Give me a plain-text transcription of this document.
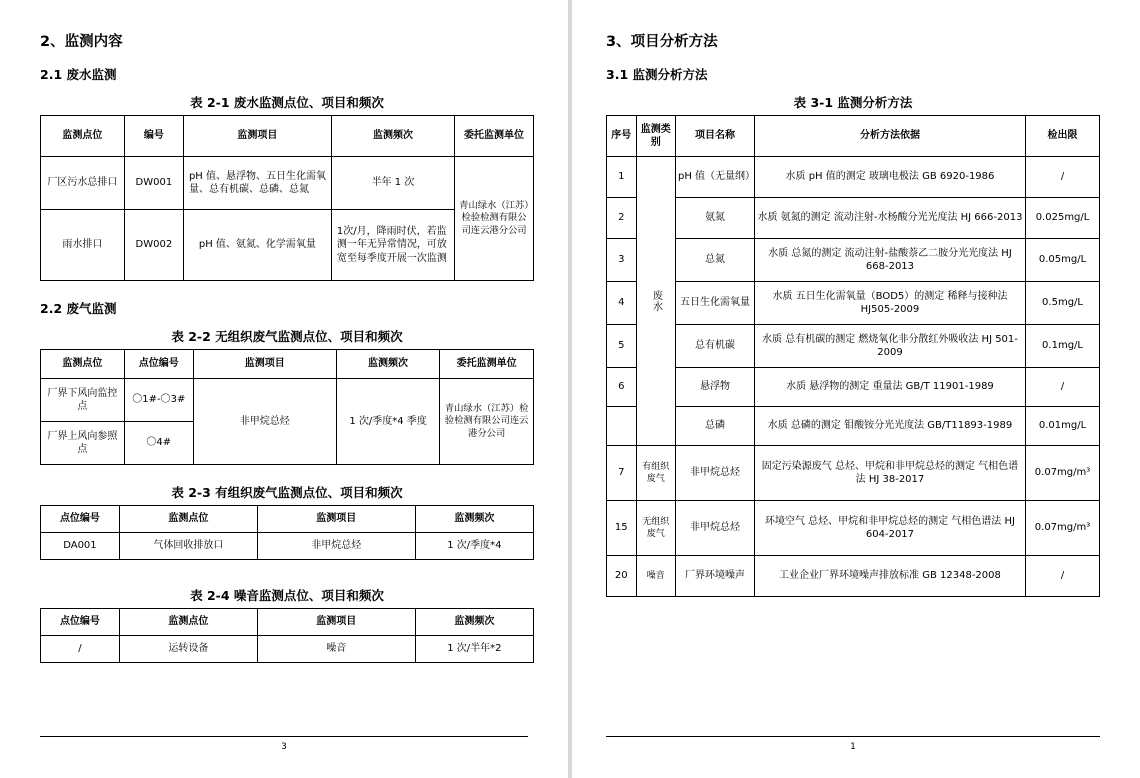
2、监测内容
2.1 废水监测
表 2-1 废水监测点位、项目和频次
监测点位	编号	监测项目	监测频次	委托监测单位
厂区污水总排口	DW001	pH 值、悬浮物、五日生化需氧量、总有机碳、总磷、总氮	半年 1 次	青山绿水（江苏）检验检测有限公司连云港分公司
雨水排口	DW002	pH 值、氨氮、化学需氧量	1次/月，降雨时伏，若监测一年无异常情况，可放宽至每季度开展一次监测	
2.2 废气监测
表 2-2 无组织废气监测点位、项目和频次
监测点位	点位编号	监测项目	监测频次	委托监测单位
厂界下风向监控点	〇1#-〇3#	非甲烷总烃	1 次/季度*4 季度	青山绿水（江苏）检验检测有限公司连云港分公司
厂界上风向参照点	〇4#			
表 2-3 有组织废气监测点位、项目和频次
点位编号	监测点位	监测项目	监测频次
DA001	气体回收排放口	非甲烷总烃	1 次/季度*4
表 2-4 噪音监测点位、项目和频次
点位编号	监测点位	监测项目	监测频次
/	运转设备	噪音	1 次/半年*2
3
3、项目分析方法
3.1 监测分析方法
表 3-1 监测分析方法
序号	监测类别	项目名称	分析方法依据	检出限
1	废水	pH 值（无量纲）	水质 pH 值的测定 玻璃电极法 GB 6920-1986	/
2		氨氮	水质 氨氮的测定 流动注射-水杨酸分光光度法 HJ 666-2013	0.025mg/L
3		总氮	水质 总氮的测定 流动注射-盐酸萘乙二胺分光光度法 HJ 668-2013	0.05mg/L
4		五日生化需氧量	水质 五日生化需氧量（BOD5）的测定 稀释与接种法 HJ505-2009	0.5mg/L
5		总有机碳	水质 总有机碳的测定 燃烧氧化非分散红外吸收法 HJ 501-2009	0.1mg/L
6		悬浮物	水质 悬浮物的测定 重量法 GB/T 11901-1989	/
		总磷	水质 总磷的测定 钼酸铵分光光度法 GB/T11893-1989	0.01mg/L
7	有组织废气	非甲烷总烃	固定污染源废气 总烃、甲烷和非甲烷总烃的测定 气相色谱法 HJ 38-2017	0.07mg/m³
15	无组织废气	非甲烷总烃	环境空气 总烃、甲烷和非甲烷总烃的测定 气相色谱法 HJ 604-2017	0.07mg/m³
20	噪音	厂界环境噪声	工业企业厂界环境噪声排放标准 GB 12348-2008	/
1
